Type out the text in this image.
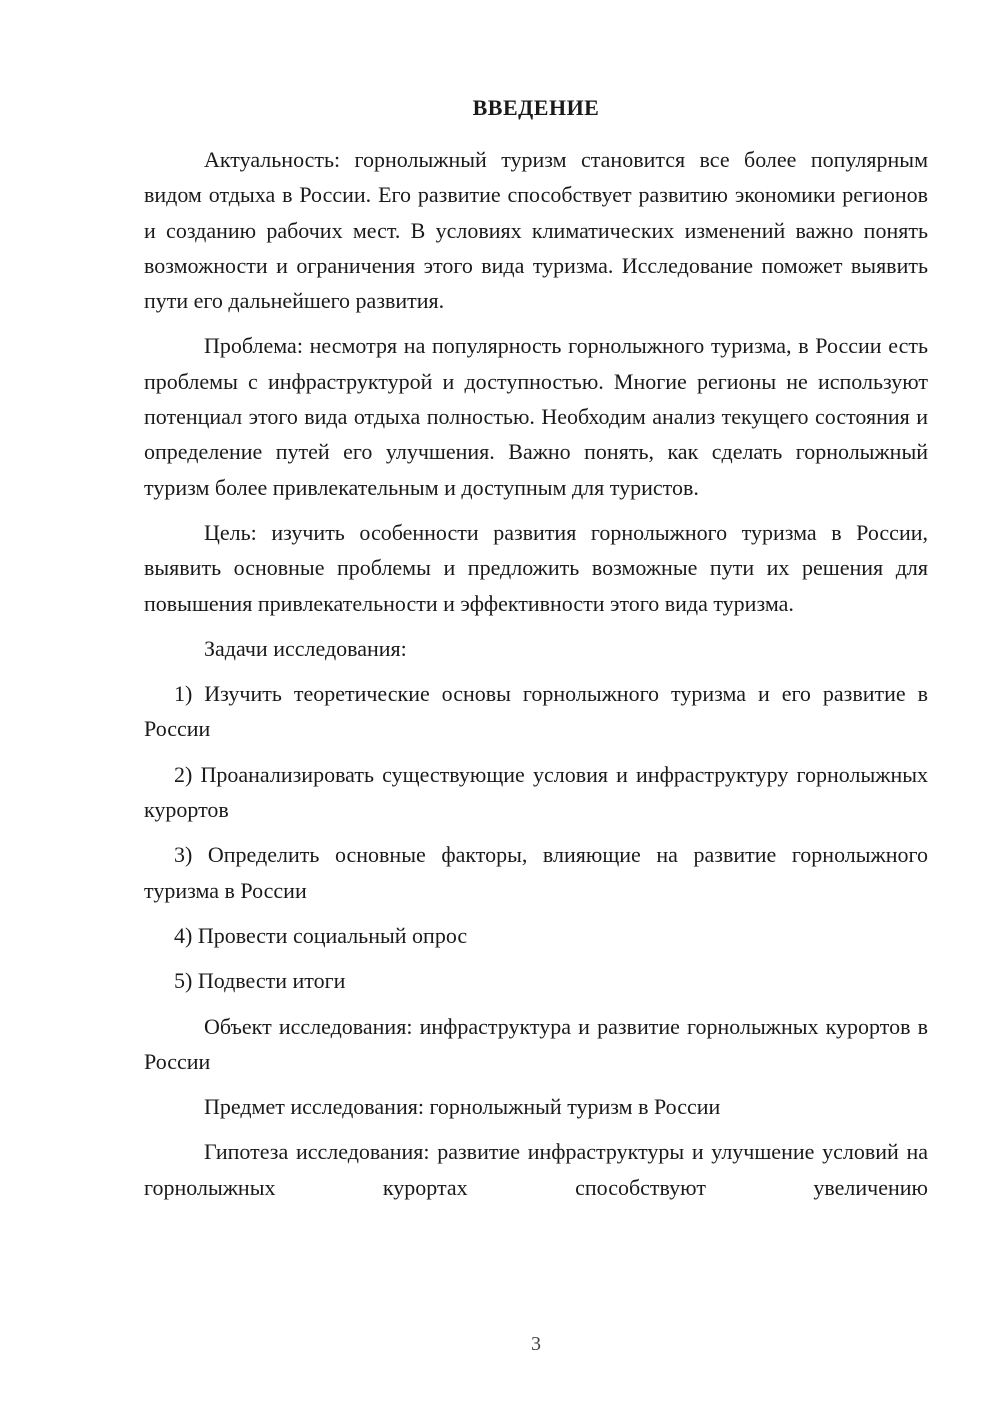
ВВЕДЕНИЕ

Актуальность: горнолыжный туризм становится все более популярным видом отдыха в России. Его развитие способствует развитию экономики регионов и созданию рабочих мест. В условиях климатических изменений важно понять возможности и ограничения этого вида туризма. Исследование поможет выявить пути его дальнейшего развития.

Проблема: несмотря на популярность горнолыжного туризма, в России есть проблемы с инфраструктурой и доступностью. Многие регионы не используют потенциал этого вида отдыха полностью. Необходим анализ текущего состояния и определение путей его улучшения. Важно понять, как сделать горнолыжный туризм более привлекательным и доступным для туристов.

Цель: изучить особенности развития горнолыжного туризма в России, выявить основные проблемы и предложить возможные пути их решения для повышения привлекательности и эффективности этого вида туризма.

Задачи исследования:

1) Изучить теоретические основы горнолыжного туризма и его развитие в России

2) Проанализировать существующие условия и инфраструктуру горнолыжных курортов

3) Определить основные факторы, влияющие на развитие горнолыжного туризма в России

4) Провести социальный опрос

5) Подвести итоги

Объект исследования: инфраструктура и развитие горнолыжных курортов в России

Предмет исследования: горнолыжный туризм в России

Гипотеза исследования: развитие инфраструктуры и улучшение условий на горнолыжных курортах способствуют увеличению

3
